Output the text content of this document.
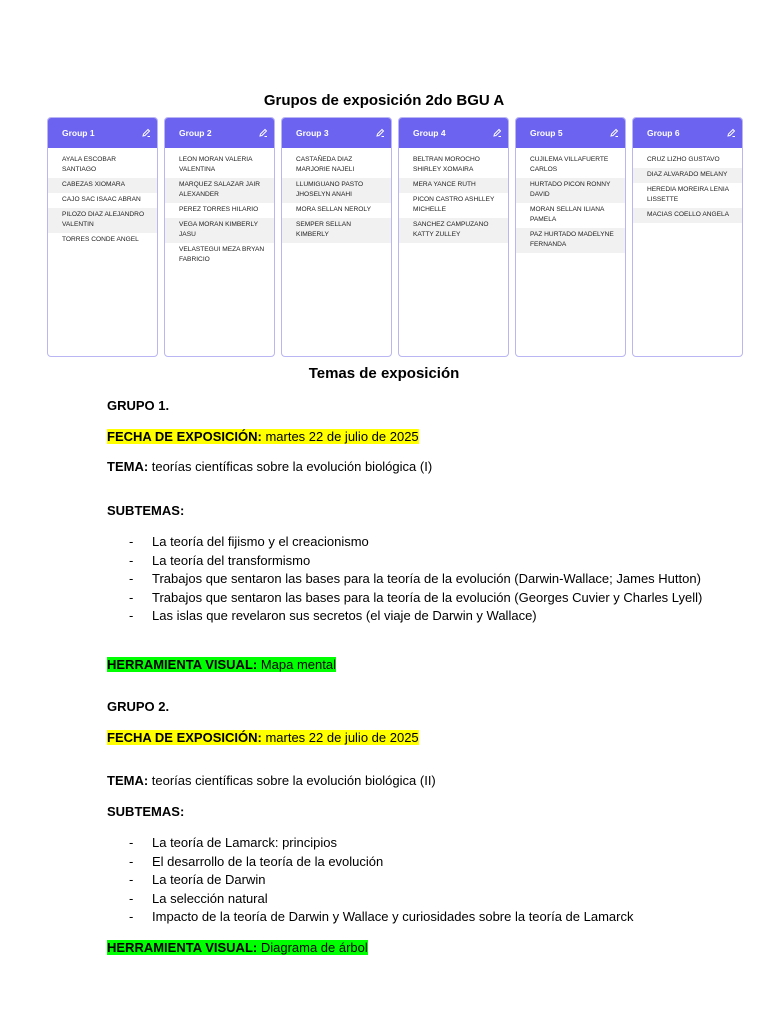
Grupos de exposición 2do BGU A
Group 1
AYALA ESCOBAR SANTIAGO
CABEZAS XIOMARA
CAJO SAC ISAAC ABRAN
PILOZO DIAZ ALEJANDRO VALENTIN
TORRES CONDE ANGEL
Group 2
LEON MORAN VALERIA VALENTINA
MARQUEZ SALAZAR JAIR ALEXANDER
PEREZ TORRES HILARIO
VEGA MORAN KIMBERLY JASU
VELASTEGUI MEZA BRYAN FABRICIO
Group 3
CASTAÑEDA DIAZ MARJORIE NAJELI
LLUMIGUANO PASTO JHOSELYN ANAHI
MORA SELLAN NEROLY
SEMPER SELLAN KIMBERLY
Group 4
BELTRAN MOROCHO SHIRLEY XOMAIRA
MERA YANCE RUTH
PICON CASTRO ASHLLEY MICHELLE
SANCHEZ CAMPUZANO KATTY ZULLEY
Group 5
CUJILEMA VILLAFUERTE CARLOS
HURTADO PICON RONNY DAVID
MORAN SELLAN ILIANA PAMELA
PAZ HURTADO MADELYNE FERNANDA
Group 6
CRUZ LIZHO GUSTAVO
DIAZ ALVARADO MELANY
HEREDIA MOREIRA LENIA LISSETTE
MACIAS COELLO ANGELA
Temas de exposición
GRUPO 1.
FECHA DE EXPOSICIÓN: martes 22 de julio de 2025
TEMA: teorías científicas sobre la evolución biológica (I)
SUBTEMAS:
- La teoría del fijismo y el creacionismo
- La teoría del transformismo
- Trabajos que sentaron las bases para la teoría de la evolución (Darwin-Wallace; James Hutton)
- Trabajos que sentaron las bases para la teoría de la evolución (Georges Cuvier y Charles Lyell)
- Las islas que revelaron sus secretos (el viaje de Darwin y Wallace)
HERRAMIENTA VISUAL: Mapa mental
GRUPO 2.
FECHA DE EXPOSICIÓN: martes 22 de julio de 2025
TEMA: teorías científicas sobre la evolución biológica (II)
SUBTEMAS:
- La teoría de Lamarck: principios
- El desarrollo de la teoría de la evolución
- La teoría de Darwin
- La selección natural
- Impacto de la teoría de Darwin y Wallace y curiosidades sobre la teoría de Lamarck
HERRAMIENTA VISUAL: Diagrama de árbol
